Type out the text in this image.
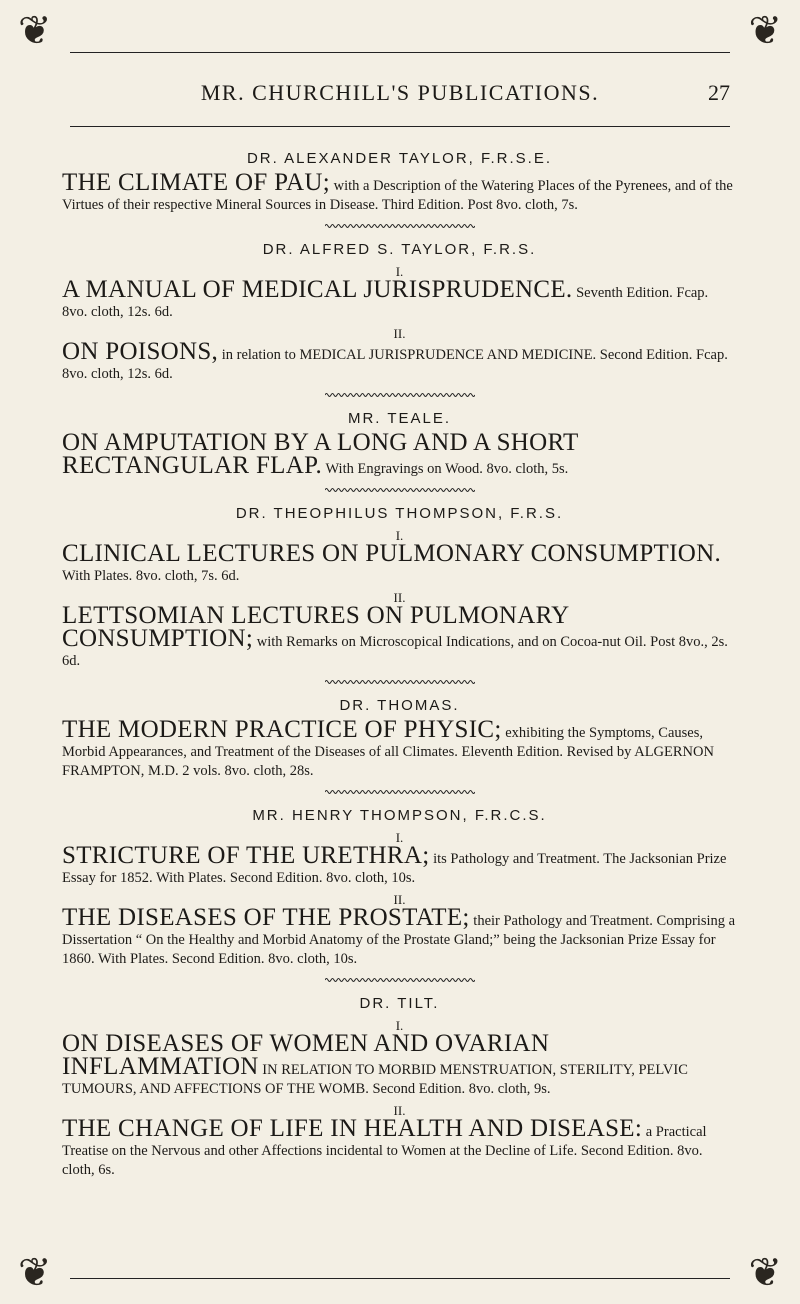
❦	❦
❦	❦
MR. CHURCHILL'S PUBLICATIONS.	27
DR. ALEXANDER TAYLOR, F.R.S.E.
THE CLIMATE OF PAU; with a Description of the Watering Places of the Pyrenees, and of the Virtues of their respective Mineral Sources in Disease. Third Edition. Post 8vo. cloth, 7s.
DR. ALFRED S. TAYLOR, F.R.S.
I.
A MANUAL OF MEDICAL JURISPRUDENCE. Seventh Edition. Fcap. 8vo. cloth, 12s. 6d.
II.
ON POISONS, in relation to MEDICAL JURISPRUDENCE AND MEDICINE. Second Edition. Fcap. 8vo. cloth, 12s. 6d.
MR. TEALE.
ON AMPUTATION BY A LONG AND A SHORT RECTANGULAR FLAP. With Engravings on Wood. 8vo. cloth, 5s.
DR. THEOPHILUS THOMPSON, F.R.S.
I.
CLINICAL LECTURES ON PULMONARY CONSUMPTION. With Plates. 8vo. cloth, 7s. 6d.
II.
LETTSOMIAN LECTURES ON PULMONARY CONSUMPTION; with Remarks on Microscopical Indications, and on Cocoa-nut Oil. Post 8vo., 2s. 6d.
DR. THOMAS.
THE MODERN PRACTICE OF PHYSIC; exhibiting the Symptoms, Causes, Morbid Appearances, and Treatment of the Diseases of all Climates. Eleventh Edition. Revised by ALGERNON FRAMPTON, M.D. 2 vols. 8vo. cloth, 28s.
MR. HENRY THOMPSON, F.R.C.S.
I.
STRICTURE OF THE URETHRA; its Pathology and Treatment. The Jacksonian Prize Essay for 1852. With Plates. Second Edition. 8vo. cloth, 10s.
II.
THE DISEASES OF THE PROSTATE; their Pathology and Treatment. Comprising a Dissertation “ On the Healthy and Morbid Anatomy of the Prostate Gland;” being the Jacksonian Prize Essay for 1860. With Plates. Second Edition. 8vo. cloth, 10s.
DR. TILT.
I.
ON DISEASES OF WOMEN AND OVARIAN INFLAMMATION IN RELATION TO MORBID MENSTRUATION, STERILITY, PELVIC TUMOURS, AND AFFECTIONS OF THE WOMB. Second Edition. 8vo. cloth, 9s.
II.
THE CHANGE OF LIFE IN HEALTH AND DISEASE: a Practical Treatise on the Nervous and other Affections incidental to Women at the Decline of Life. Second Edition. 8vo. cloth, 6s.
